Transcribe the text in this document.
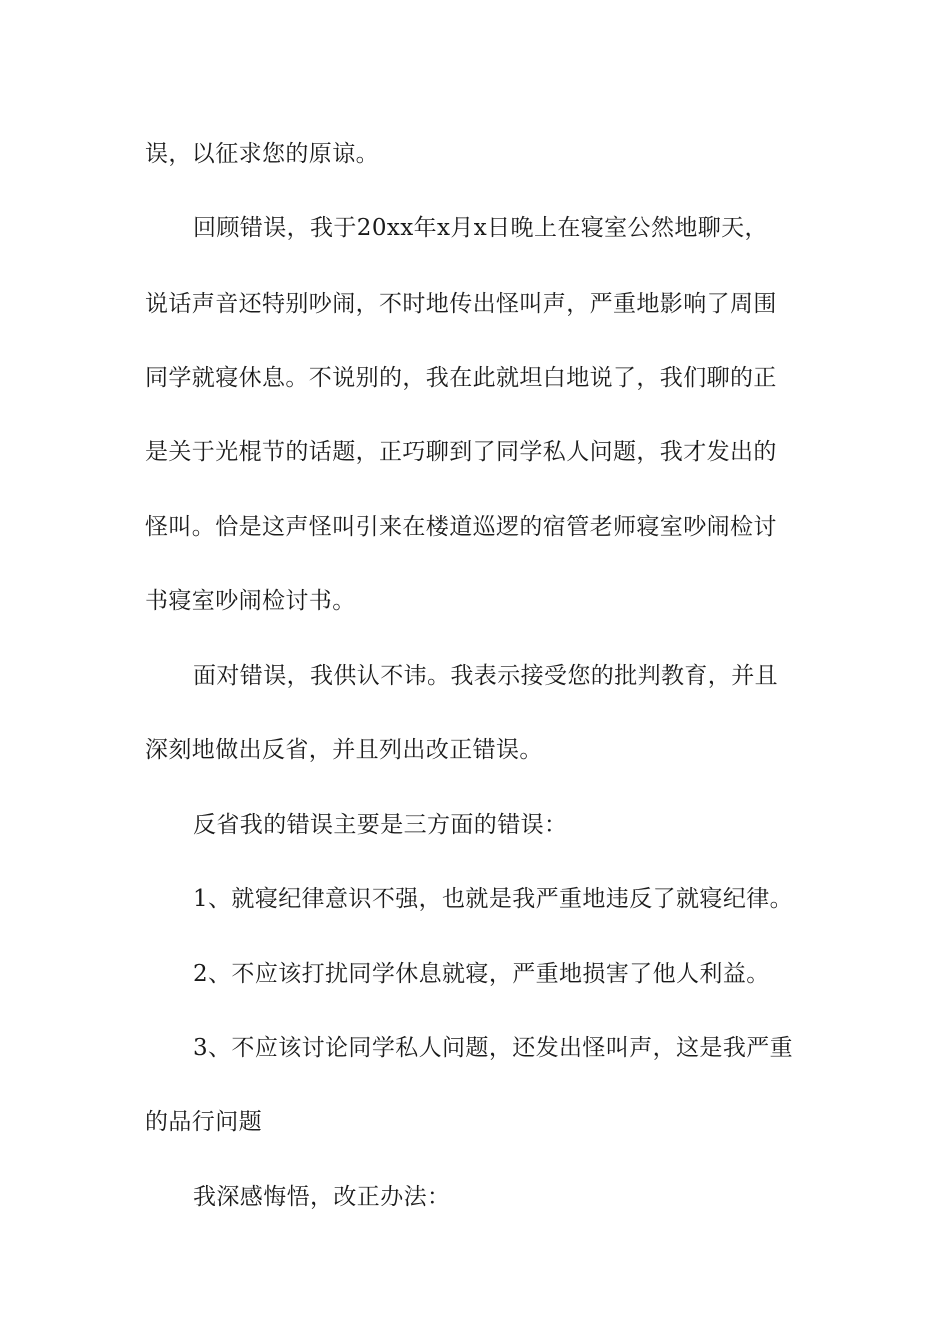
误，以征求您的原谅。
回顾错误，我于20xx年x月x日晚上在寝室公然地聊天，
说话声音还特别吵闹，不时地传出怪叫声，严重地影响了周围
同学就寝休息。不说别的，我在此就坦白地说了，我们聊的正
是关于光棍节的话题，正巧聊到了同学私人问题，我才发出的
怪叫。恰是这声怪叫引来在楼道巡逻的宿管老师寝室吵闹检讨
书寝室吵闹检讨书。
面对错误，我供认不讳。我表示接受您的批判教育，并且
深刻地做出反省，并且列出改正错误。
反省我的错误主要是三方面的错误：
1、就寝纪律意识不强，也就是我严重地违反了就寝纪律。
2、不应该打扰同学休息就寝，严重地损害了他人利益。
3、不应该讨论同学私人问题，还发出怪叫声，这是我严重
的品行问题
我深感悔悟，改正办法：
